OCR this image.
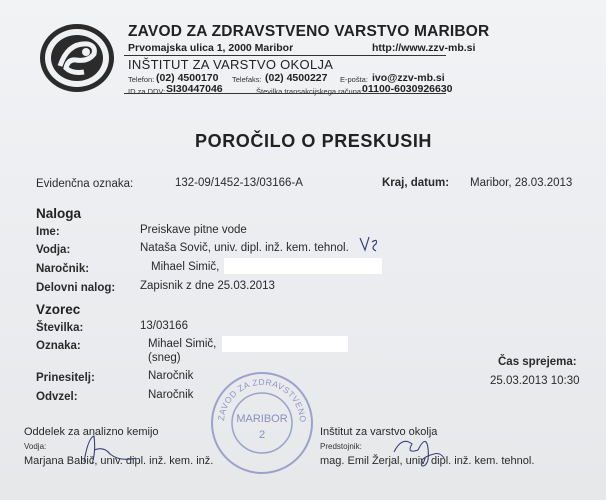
ZAVOD ZA ZDRAVSTVENO VARSTVO MARIBOR
Prvomajska ulica 1, 2000 Maribor	http://www.zzv-mb.si
INŠTITUT ZA VARSTVO OKOLJA
Telefon: (02) 4500170 Telefaks: (02) 4500227 E-pošta: ivo@zzv-mb.si
ID za DDV: SI30447046	Številka transakcijskega računa:
01100-6030926630
POROČILO O PRESKUSIH
Evidenčna oznaka:	132-09/1452-13/03166-A	Kraj, datum: Maribor, 28.03.2013
Naloga
Ime:	Preiskave pitne vode
Vodja:	Nataša Sovič, univ. dipl. inž. kem. tehnol.
Naročnik:	Mihael Simič,
Delovni nalog: Zapisnik z dne 25.03.2013
Vzorec
Številka:	13/03166
Oznaka:	Mihael Simič,
(sneg)	Čas sprejema:
25.03.2013 10:30
Prinesitelj:	Naročnik
Odvzel:	Naročnik
ZAVOD ZA ZDRAVSTVENO
MARIBOR
2
Oddelek za analizno kemijo
Vodja:
Marjana Babič, univ. dipl. inž. kem. inž.
Inštitut za varstvo okolja
Predstojnik:
mag. Emil Žerjal, univ. dipl. inž. kem. tehnol.
